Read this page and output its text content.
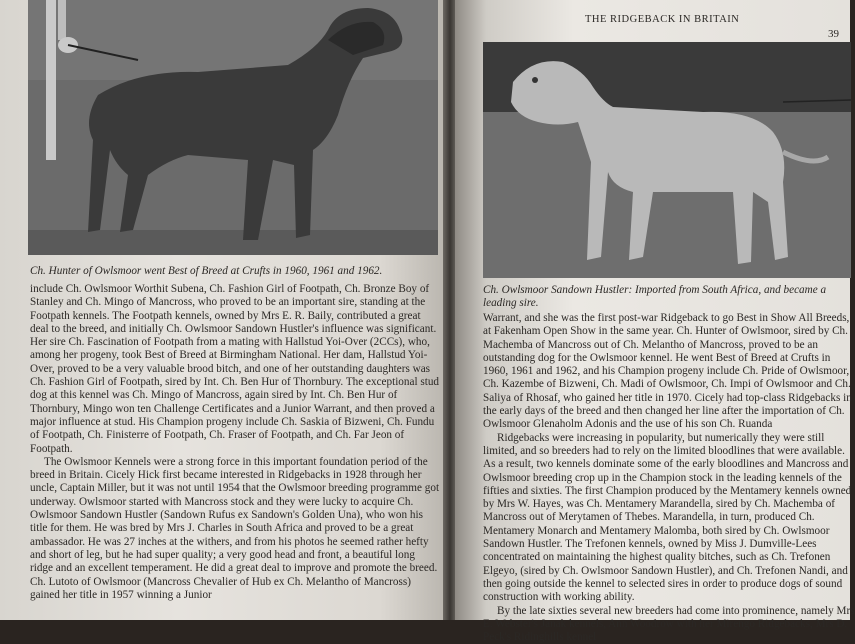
Ch. Hunter of Owlsmoor went Best of Breed at Crufts in 1960, 1961 and 1962.

include Ch. Owlsmoor Worthit Subena, Ch. Fashion Girl of Footpath, Ch. Bronze Boy of Stanley and Ch. Mingo of Mancross, who proved to be an important sire, standing at the Footpath kennels. The Footpath kennels, owned by Mrs E. R. Baily, contributed a great deal to the breed, and initially Ch. Owlsmoor Sandown Hustler's influence was significant. Her sire Ch. Fascination of Footpath from a mating with Hallstud Yoi-Over (2CCs), who, among her progeny, took Best of Breed at Birmingham National. Her dam, Hallstud Yoi-Over, proved to be a very valuable brood bitch, and one of her outstanding daughters was Ch. Fashion Girl of Footpath, sired by Int. Ch. Ben Hur of Thornbury. The exceptional stud dog at this kennel was Ch. Mingo of Mancross, again sired by Int. Ch. Ben Hur of Thornbury, Mingo won ten Challenge Certificates and a Junior Warrant, and then proved a major influence at stud. His Champion progeny include Ch. Saskia of Bizweni, Ch. Fundu of Footpath, Ch. Finisterre of Footpath, Ch. Fraser of Footpath, and Ch. Far Jeon of Footpath.

The Owlsmoor Kennels were a strong force in this important foundation period of the breed in Britain. Cicely Hick first became interested in Ridgebacks in 1928 through her uncle, Captain Miller, but it was not until 1954 that the Owlsmoor breeding programme got underway. Owlsmoor started with Mancross stock and they were lucky to acquire Ch. Owlsmoor Sandown Hustler (Sandown Rufus ex Sandown's Golden Una), who won his title for them. He was bred by Mrs J. Charles in South Africa and proved to be a great ambassador. He was 27 inches at the withers, and from his photos he seemed rather hefty and short of leg, but he had super quality; a very good head and front, a beautiful long ridge and an excellent temperament. He did a great deal to improve and promote the breed. Ch. Lutoto of Owlsmoor (Mancross Chevalier of Hub ex Ch. Melantho of Mancross) gained her title in 1957 winning a Junior

THE RIDGEBACK IN BRITAIN
39
Ch. Owlsmoor Sandown Hustler: Imported from South Africa, and became a leading sire.

Warrant, and she was the first post-war Ridgeback to go Best in Show All Breeds, at Fakenham Open Show in the same year. Ch. Hunter of Owlsmoor, sired by Ch. Machemba of Mancross out of Ch. Melantho of Mancross, proved to be an outstanding dog for the Owlsmoor kennel. He went Best of Breed at Crufts in 1960, 1961 and 1962, and his Champion progeny include Ch. Pride of Owlsmoor, Ch. Kazembe of Bizweni, Ch. Madi of Owlsmoor, Ch. Impi of Owlsmoor and Ch. Saliya of Rhosaf, who gained her title in 1970. Cicely had top-class Ridgebacks in the early days of the breed and then changed her line after the importation of Ch. Owlsmoor Glenaholm Adonis and the use of his son Ch. Ruanda

Ridgebacks were increasing in popularity, but numerically they were still limited, and so breeders had to rely on the limited bloodlines that were available. As a result, two kennels dominate some of the early bloodlines and Mancross and Owlsmoor breeding crop up in the Champion stock in the leading kennels of the fifties and sixties. The first Champion produced by the Mentamery kennels owned by Mrs W. Hayes, was Ch. Mentamery Marandella, sired by Ch. Machemba of Mancross out of Merytamen of Thebes. Marandella, in turn, produced Ch. Mentamery Monarch and Mentamery Malomba, both sired by Ch. Owlsmoor Sandown Hustler. The Trefonen kennels, owned by Miss J. Dumville-Lees concentrated on maintaining the highest quality bitches, such as Ch. Trefonen Elgeyo, (sired by Ch. Owlsmoor Sandown Hustler), and Ch. Trefonen Nandi, and then going outside the kennel to selected sires in order to produce dogs of sound construction with working ability.

By the late sixties several new breeders had come into prominence, namely Mrs E. Webster's Janak kennels, Ann Woodrow with her Mirengo Ridgebacks, Mrs D. Peck's Ridinghills kennel
